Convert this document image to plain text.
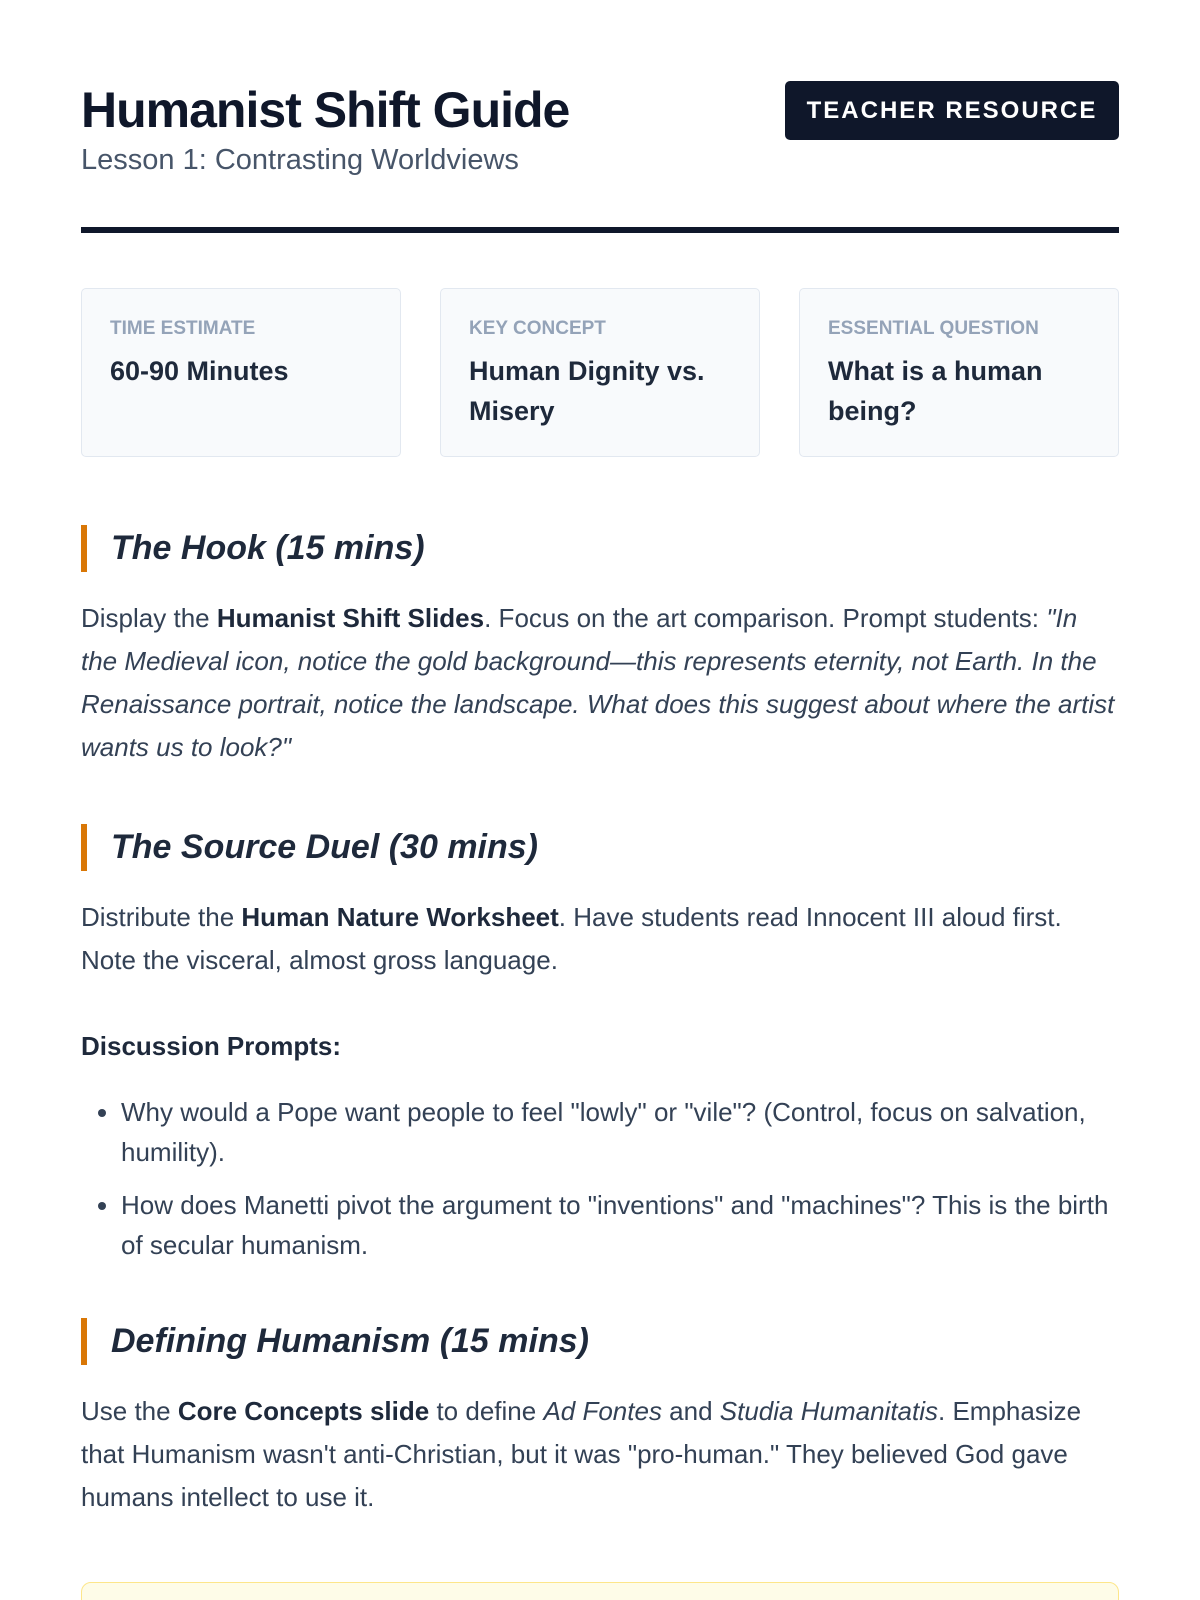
Humanist Shift Guide
Lesson 1: Contrasting Worldviews
TEACHER RESOURCE
TIME ESTIMATE
60-90 Minutes
KEY CONCEPT
Human Dignity vs. Misery
ESSENTIAL QUESTION
What is a human being?
The Hook (15 mins)

Display the Humanist Shift Slides. Focus on the art comparison. Prompt students: "In the Medieval icon, notice the gold background—this represents eternity, not Earth. In the Renaissance portrait, notice the landscape. What does this suggest about where the artist wants us to look?"

The Source Duel (30 mins)

Distribute the Human Nature Worksheet. Have students read Innocent III aloud first. Note the visceral, almost gross language.

Discussion Prompts:
• Why would a Pope want people to feel "lowly" or "vile"? (Control, focus on salvation, humility).
• How does Manetti pivot the argument to "inventions" and "machines"? This is the birth of secular humanism.
Defining Humanism (15 mins)

Use the Core Concepts slide to define Ad Fontes and Studia Humanitatis. Emphasize that Humanism wasn't anti-Christian, but it was "pro-human." They believed God gave humans intellect to use it.
